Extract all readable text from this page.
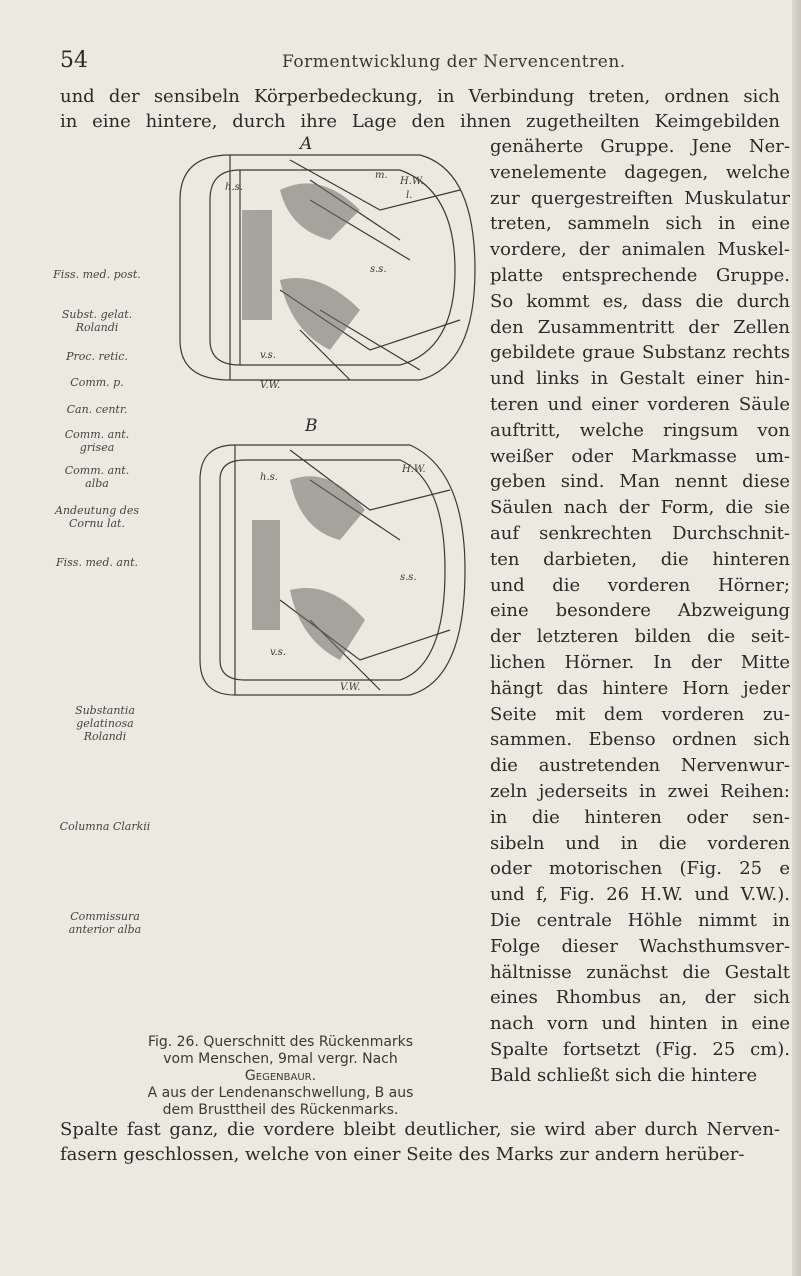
54	Formentwicklung der Nervencentren.
und der sensibeln Körperbedeckung, in Verbindung treten, ordnen sich
in eine hintere, durch ihre Lage den ihnen zugetheilten Keimgebilden
genäherte Gruppe. Jene Ner-
venelemente dagegen, welche
zur quergestreiften Muskulatur
treten, sammeln sich in eine
vordere, der animalen Muskel-
platte entsprechende Gruppe.
So kommt es, dass die durch
den Zusammentritt der Zellen
gebildete graue Substanz rechts
und links in Gestalt einer hin-
teren und einer vorderen Säule
auftritt, welche ringsum von
weißer oder Markmasse um-
geben sind. Man nennt diese
Säulen nach der Form, die sie
auf senkrechten Durchschnit-
ten darbieten, die hinteren
und die vorderen Hörner;
eine besondere Abzweigung
der letzteren bilden die seit-
lichen Hörner. In der Mitte
hängt das hintere Horn jeder
Seite mit dem vorderen zu-
sammen. Ebenso ordnen sich
die austretenden Nervenwur-
zeln jederseits in zwei Reihen:
in die hinteren oder sen-
sibeln und in die vorderen
oder motorischen (Fig. 25 e
und f, Fig. 26 H.W. und V.W.).
Die centrale Höhle nimmt in
Folge dieser Wachsthumsver-
hältnisse zunächst die Gestalt
eines Rhombus an, der sich
nach vorn und hinten in eine
Spalte fortsetzt (Fig. 25 cm).
Bald schließt sich die hintere
Spalte fast ganz, die vordere bleibt deutlicher, sie wird aber durch Nerven-
fasern geschlossen, welche von einer Seite des Marks zur andern herüber-
A
h.s.
H.W.
m.
l.
s.s.
v.s.
V.W.
Fiss. med. post.
Subst. gelat. Rolandi
Proc. retic.
Comm. p.
Can. centr.
Comm. ant. grisea
Comm. ant. alba
Andeutung des Cornu lat.
Fiss. med. ant.
B
h.s.
H.W.
s.s.
v.s.
V.W.
Substantia gelatinosa Rolandi
Columna Clarkii
Commissura anterior alba
Fig. 26. Querschnitt des Rückenmarks
vom Menschen, 9mal vergr. Nach
Gegenbaur.
A aus der Lendenanschwellung, B aus
dem Brusttheil des Rückenmarks.
